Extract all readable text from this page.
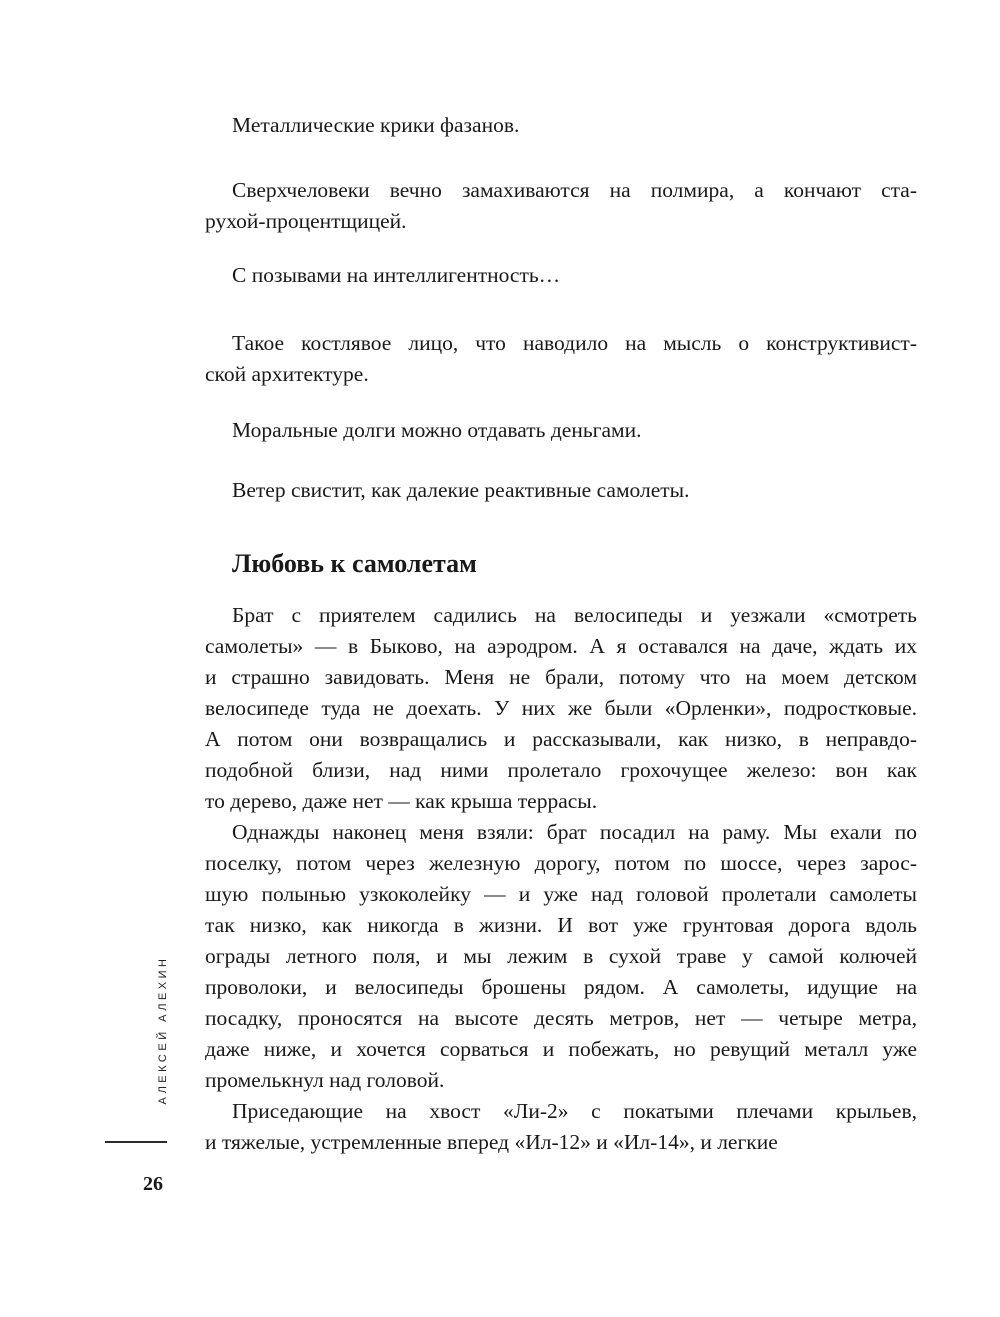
АЛЕКСЕЙ АЛЕХИН
26
Металлические крики фазанов.
Сверхчеловеки вечно замахиваются на полмира, а кончают ста-
рухой-процентщицей.
С позывами на интеллигентность…
Такое костлявое лицо, что наводило на мысль о конструктивист-
ской архитектуре.
Моральные долги можно отдавать деньгами.
Ветер свистит, как далекие реактивные самолеты.
Любовь к самолетам
Брат с приятелем садились на велосипеды и уезжали «смотреть
самолеты» — в Быково, на аэродром. А я оставался на даче, ждать их
и страшно завидовать. Меня не брали, потому что на моем детском
велосипеде туда не доехать. У них же были «Орленки», подростковые.
А потом они возвращались и рассказывали, как низко, в неправдо-
подобной близи, над ними пролетало грохочущее железо: вон как
то дерево, даже нет — как крыша террасы.
Однажды наконец меня взяли: брат посадил на раму. Мы ехали по
поселку, потом через железную дорогу, потом по шоссе, через зарос-
шую полынью узкоколейку — и уже над головой пролетали самолеты
так низко, как никогда в жизни. И вот уже грунтовая дорога вдоль
ограды летного поля, и мы лежим в сухой траве у самой колючей
проволоки, и велосипеды брошены рядом. А самолеты, идущие на
посадку, проносятся на высоте десять метров, нет — четыре метра,
даже ниже, и хочется сорваться и побежать, но ревущий металл уже
промелькнул над головой.
Приседающие на хвост «Ли-2» с покатыми плечами крыльев,
и тяжелые, устремленные вперед «Ил-12» и «Ил-14», и легкие
